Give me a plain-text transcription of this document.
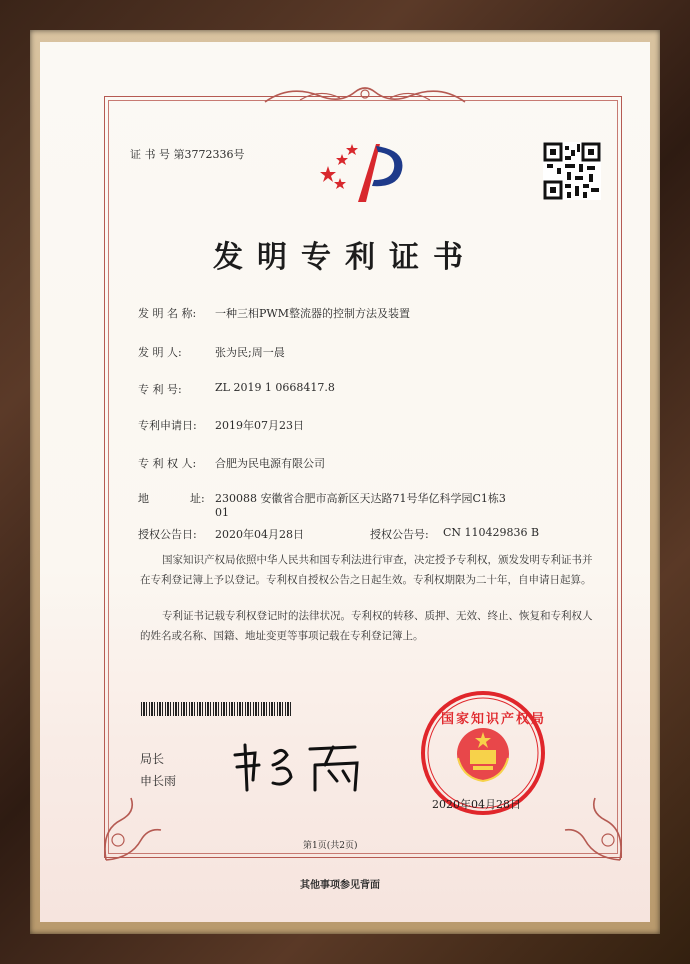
证 书 号 第3772336号
发明专利证书
发 明 名 称: 一种三相PWM整流器的控制方法及装置
发 明 人:	张为民;周一晨
专 利 号:	ZL 2019 1 0668417.8
专利申请日: 2019年07月23日
专 利 权 人: 合肥为民电源有限公司
地	址: 230088 安徽省合肥市高新区天达路71号华亿科学园C1栋3
01
授权公告日: 2020年04月28日	授权公告号: CN 110429836 B
国家知识产权局依照中华人民共和国专利法进行审查，决定授予专利权，颁发发明专利证书并在专利登记簿上予以登记。专利权自授权公告之日起生效。专利权期限为二十年，自申请日起算。
专利证书记载专利权登记时的法律状况。专利权的转移、质押、无效、终止、恢复和专利权人的姓名或名称、国籍、地址变更等事项记载在专利登记簿上。
局长
申长雨
国家知识产权局
2020年04月28日
第1页(共2页)
其他事项参见背面
